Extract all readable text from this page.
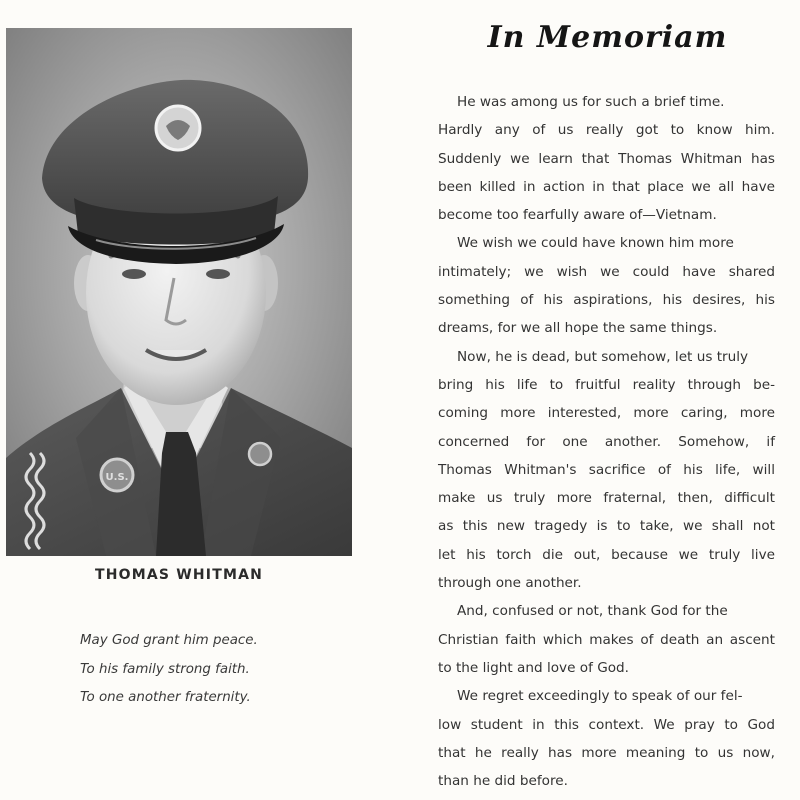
U.S.
THOMAS WHITMAN
May God grant him peace.
To his family strong faith.
To one another fraternity.
In Memoriam
He was among us for such a brief time.
Hardly any of us really got to know him.
Suddenly we learn that Thomas Whitman has
been killed in action in that place we all have
become too fearfully aware of—Vietnam.
We wish we could have known him more
intimately; we wish we could have shared
something of his aspirations, his desires, his
dreams, for we all hope the same things.
Now, he is dead, but somehow, let us truly
bring his life to fruitful reality through be-
coming more interested, more caring, more
concerned for one another. Somehow, if
Thomas Whitman's sacrifice of his life, will
make us truly more fraternal, then, difficult
as this new tragedy is to take, we shall not
let his torch die out, because we truly live
through one another.
And, confused or not, thank God for the
Christian faith which makes of death an ascent
to the light and love of God.
We regret exceedingly to speak of our fel-
low student in this context. We pray to God
that he really has more meaning to us now,
than he did before.
